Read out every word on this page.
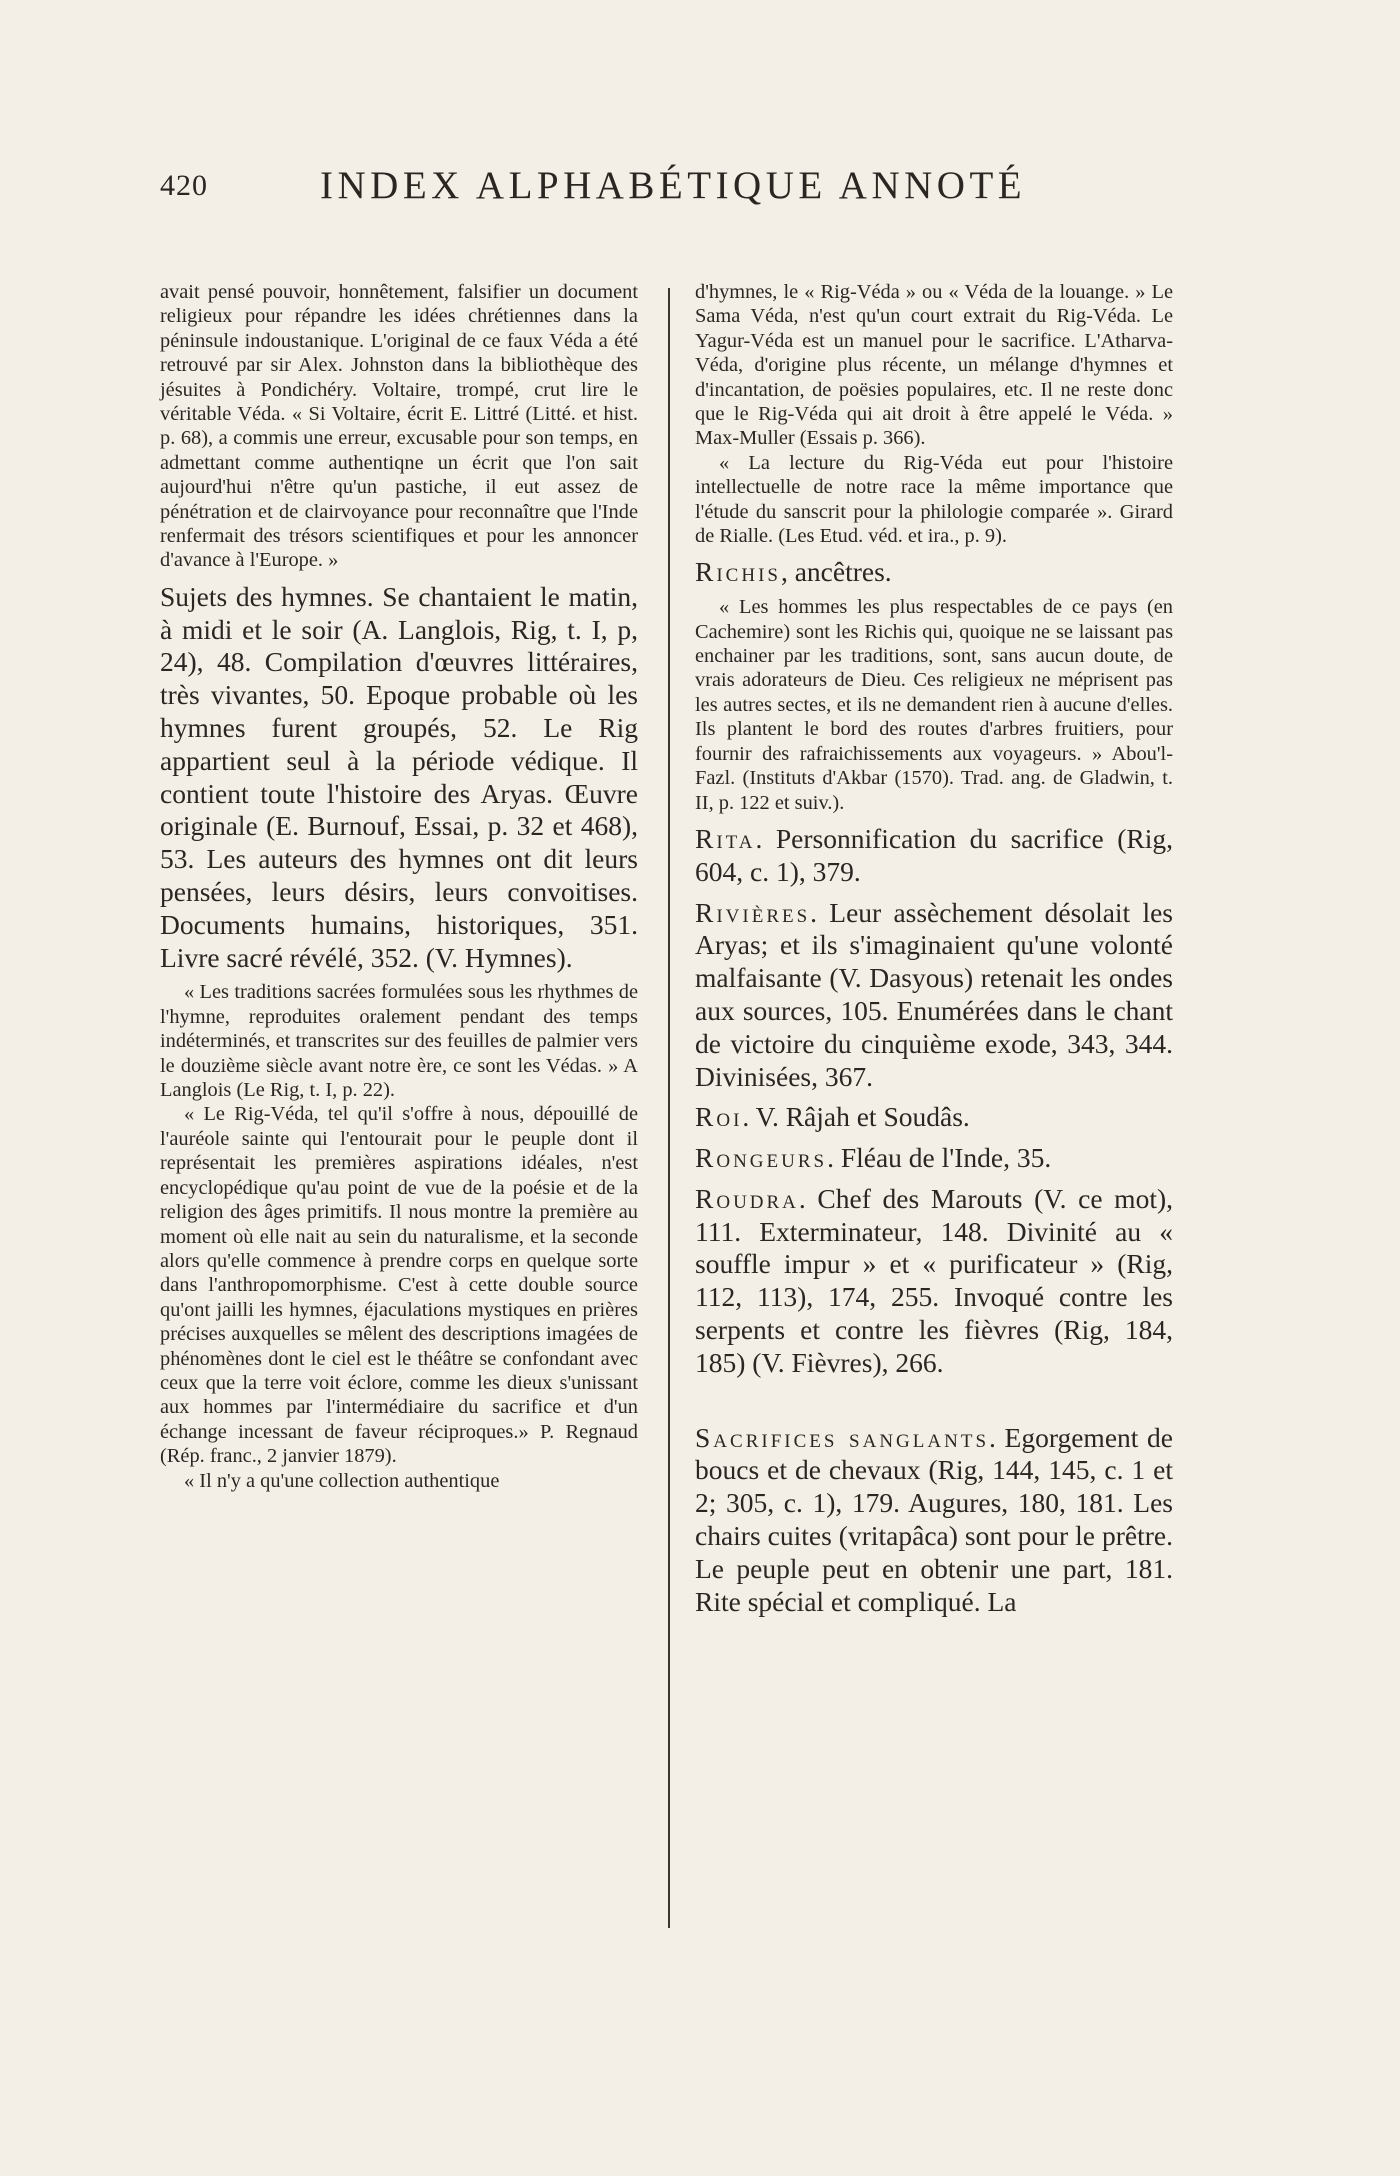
420	INDEX ALPHABÉTIQUE ANNOTÉ

avait pensé pouvoir, honnêtement, falsifier un document religieux pour répandre les idées chrétiennes dans la péninsule indoustanique. L'original de ce faux Véda a été retrouvé par sir Alex. Johnston dans la bibliothèque des jésuites à Pondichéry. Voltaire, trompé, crut lire le véritable Véda. « Si Voltaire, écrit E. Littré (Litté. et hist. p. 68), a commis une erreur, excusable pour son temps, en admettant comme authentiqne un écrit que l'on sait aujourd'hui n'être qu'un pastiche, il eut assez de pénétration et de clairvoyance pour reconnaître que l'Inde renfermait des trésors scientifiques et pour les annoncer d'avance à l'Europe. »

Sujets des hymnes. Se chantaient le matin, à midi et le soir (A. Langlois, Rig, t. I, p, 24), 48. Compilation d'œuvres littéraires, très vivantes, 50. Epoque probable où les hymnes furent groupés, 52. Le Rig appartient seul à la période védique. Il contient toute l'histoire des Aryas. Œuvre originale (E. Burnouf, Essai, p. 32 et 468), 53. Les auteurs des hymnes ont dit leurs pensées, leurs désirs, leurs convoitises. Documents humains, historiques, 351. Livre sacré révélé, 352. (V. Hymnes).

« Les traditions sacrées formulées sous les rhythmes de l'hymne, reproduites oralement pendant des temps indéterminés, et transcrites sur des feuilles de palmier vers le douzième siècle avant notre ère, ce sont les Védas. » A Langlois (Le Rig, t. I, p. 22).

« Le Rig-Véda, tel qu'il s'offre à nous, dépouillé de l'auréole sainte qui l'entourait pour le peuple dont il représentait les premières aspirations idéales, n'est encyclopédique qu'au point de vue de la poésie et de la religion des âges primitifs. Il nous montre la première au moment où elle nait au sein du naturalisme, et la seconde alors qu'elle commence à prendre corps en quelque sorte dans l'anthropomorphisme. C'est à cette double source qu'ont jailli les hymnes, éjaculations mystiques en prières précises auxquelles se mêlent des descriptions imagées de phénomènes dont le ciel est le théâtre se confondant avec ceux que la terre voit éclore, comme les dieux s'unissant aux hommes par l'intermédiaire du sacrifice et d'un échange incessant de faveur réciproques.» P. Regnaud (Rép. franc., 2 janvier 1879).

« Il n'y a qu'une collection authentique

d'hymnes, le « Rig-Véda » ou « Véda de la louange. » Le Sama Véda, n'est qu'un court extrait du Rig-Véda. Le Yagur-Véda est un manuel pour le sacrifice. L'Atharva-Véda, d'origine plus récente, un mélange d'hymnes et d'incantation, de poësies populaires, etc. Il ne reste donc que le Rig-Véda qui ait droit à être appelé le Véda. » Max-Muller (Essais p. 366).

« La lecture du Rig-Véda eut pour l'histoire intellectuelle de notre race la même importance que l'étude du sanscrit pour la philologie comparée ». Girard de Rialle. (Les Etud. véd. et ira., p. 9).

Richis, ancêtres.

« Les hommes les plus respectables de ce pays (en Cachemire) sont les Richis qui, quoique ne se laissant pas enchainer par les traditions, sont, sans aucun doute, de vrais adorateurs de Dieu. Ces religieux ne méprisent pas les autres sectes, et ils ne demandent rien à aucune d'elles. Ils plantent le bord des routes d'arbres fruitiers, pour fournir des rafraichissements aux voyageurs. » Abou'l-Fazl. (Instituts d'Akbar (1570). Trad. ang. de Gladwin, t. II, p. 122 et suiv.).

Rita. Personnification du sacrifice (Rig, 604, c. 1), 379.

Rivières. Leur assèchement désolait les Aryas; et ils s'imaginaient qu'une volonté malfaisante (V. Dasyous) retenait les ondes aux sources, 105. Enumérées dans le chant de victoire du cinquième exode, 343, 344. Divinisées, 367.

Roi. V. Râjah et Soudâs.

Rongeurs. Fléau de l'Inde, 35.

Roudra. Chef des Marouts (V. ce mot), 111. Exterminateur, 148. Divinité au « souffle impur » et « purificateur » (Rig, 112, 113), 174, 255. Invoqué contre les serpents et contre les fièvres (Rig, 184, 185) (V. Fièvres), 266.

Sacrifices sanglants. Egorgement de boucs et de chevaux (Rig, 144, 145, c. 1 et 2; 305, c. 1), 179. Augures, 180, 181. Les chairs cuites (vritapâca) sont pour le prêtre. Le peuple peut en obtenir une part, 181. Rite spécial et compliqué. La
